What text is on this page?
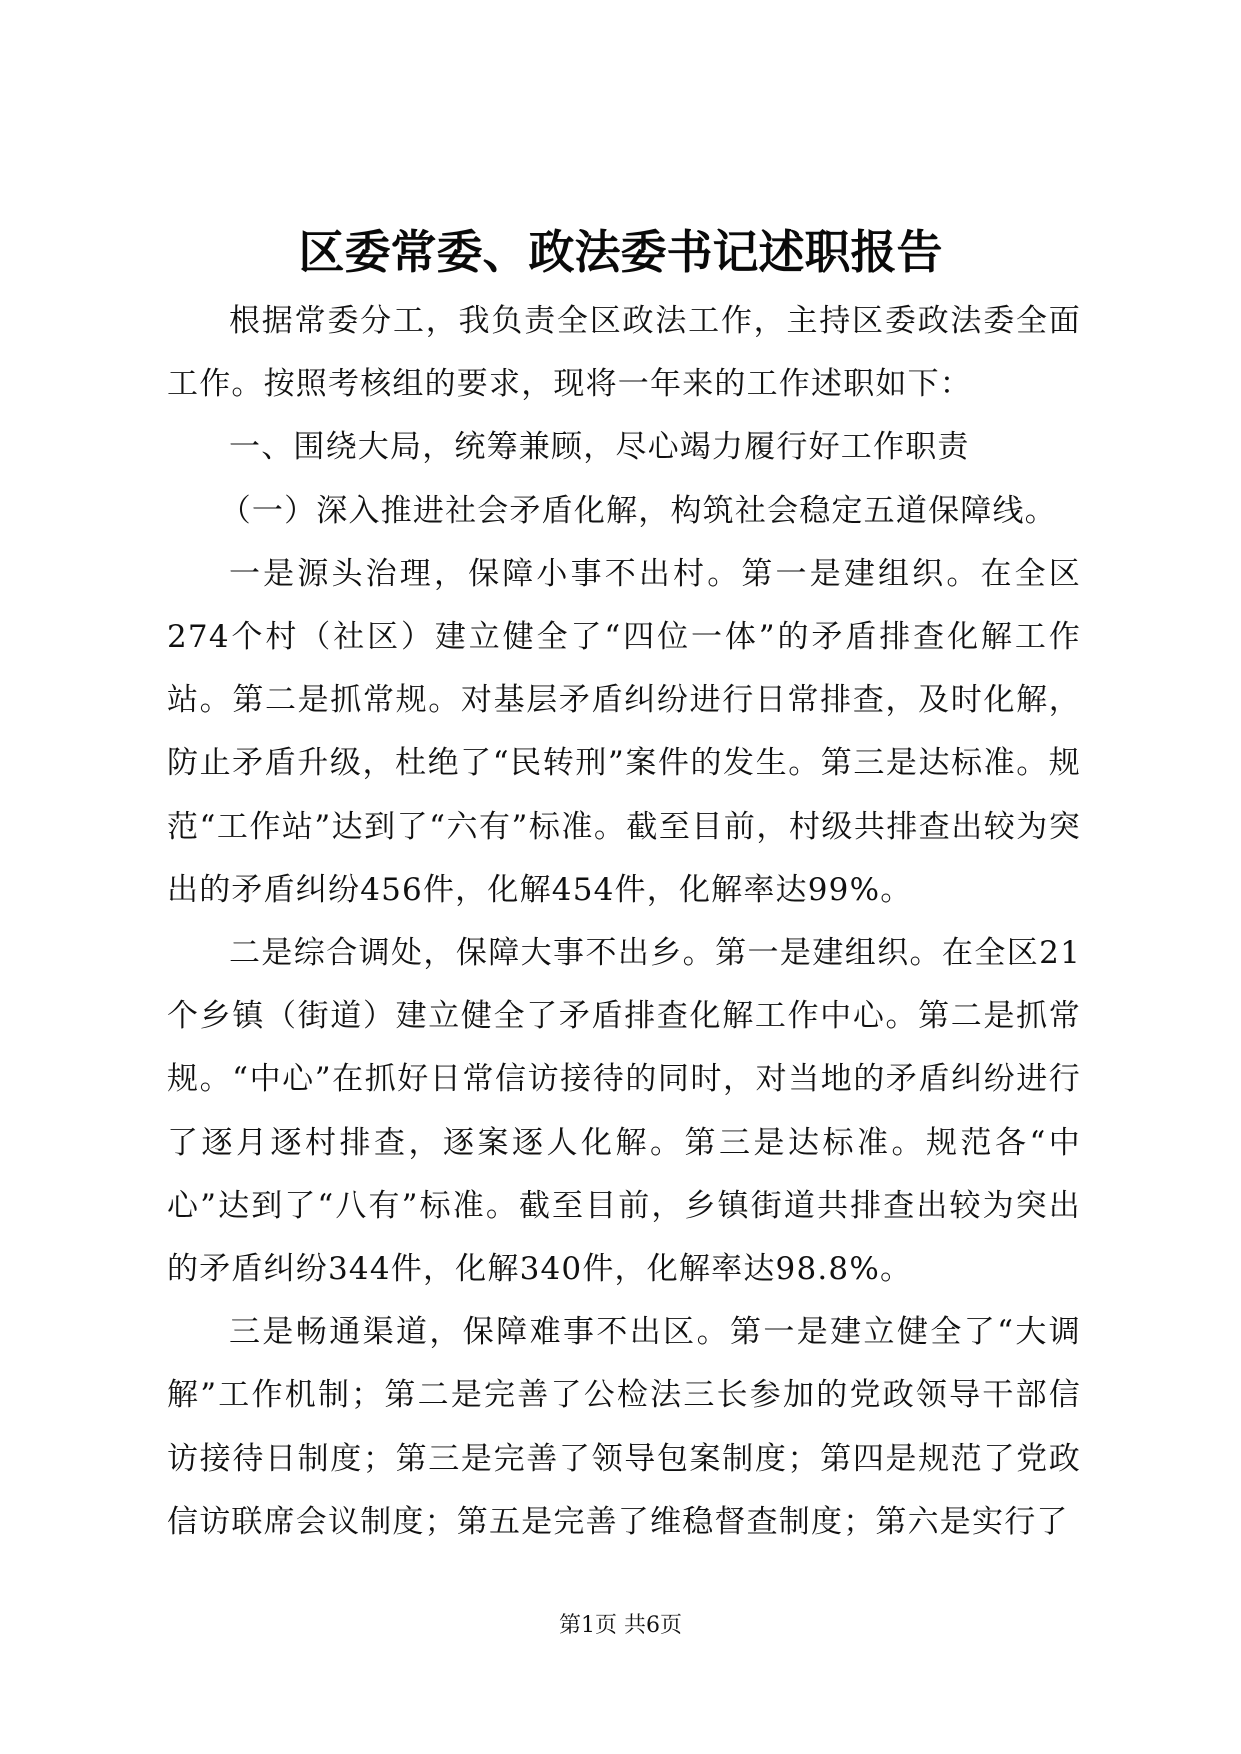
区委常委、政法委书记述职报告

根据常委分工，我负责全区政法工作，主持区委政法委全面工作。按照考核组的要求，现将一年来的工作述职如下：

一、围绕大局，统筹兼顾，尽心竭力履行好工作职责

（一）深入推进社会矛盾化解，构筑社会稳定五道保障线。

一是源头治理，保障小事不出村。第一是建组织。在全区274个村（社区）建立健全了“四位一体”的矛盾排查化解工作站。第二是抓常规。对基层矛盾纠纷进行日常排查，及时化解，防止矛盾升级，杜绝了“民转刑”案件的发生。第三是达标准。规范“工作站”达到了“六有”标准。截至目前，村级共排查出较为突出的矛盾纠纷456件，化解454件，化解率达99%。

二是综合调处，保障大事不出乡。第一是建组织。在全区21个乡镇（街道）建立健全了矛盾排查化解工作中心。第二是抓常规。“中心”在抓好日常信访接待的同时，对当地的矛盾纠纷进行了逐月逐村排查，逐案逐人化解。第三是达标准。规范各“中心”达到了“八有”标准。截至目前，乡镇街道共排查出较为突出的矛盾纠纷344件，化解340件，化解率达98.8%。

三是畅通渠道，保障难事不出区。第一是建立健全了“大调解”工作机制；第二是完善了公检法三长参加的党政领导干部信访接待日制度；第三是完善了领导包案制度；第四是规范了党政信访联席会议制度；第五是完善了维稳督查制度；第六是实行了

第1页 共6页
